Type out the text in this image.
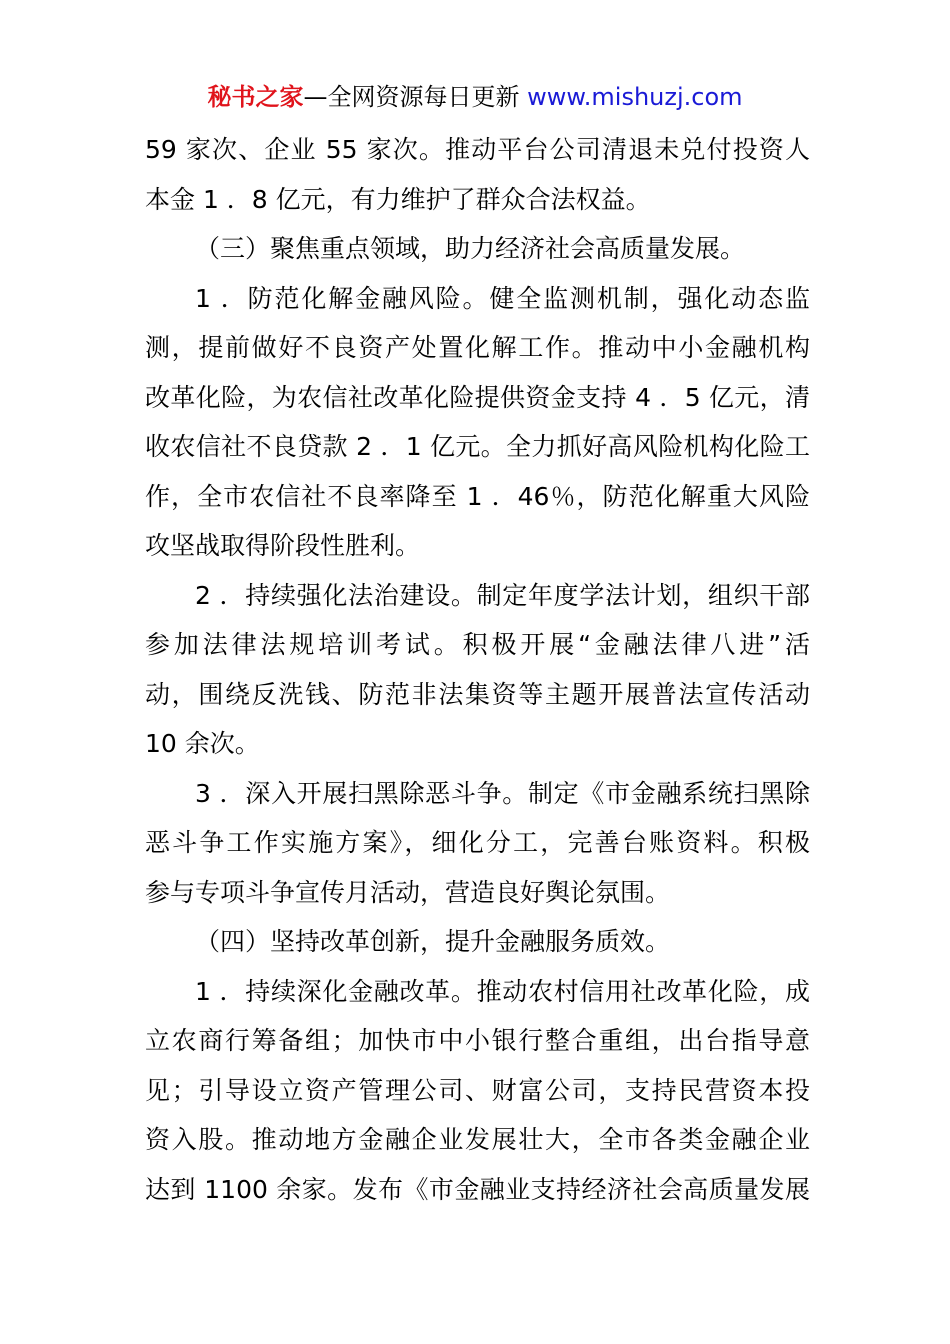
秘书之家—全网资源每日更新 www.mishuzj.com
59 家次、企业 55 家次。推动平台公司清退未兑付投资人
本金 1 ．8 亿元，有力维护了群众合法权益。
（三）聚焦重点领域，助力经济社会高质量发展。
1 ．防范化解金融风险。健全监测机制，强化动态监
测，提前做好不良资产处置化解工作。推动中小金融机构
改革化险，为农信社改革化险提供资金支持 4 ．5 亿元，清
收农信社不良贷款 2 ．1 亿元。全力抓好高风险机构化险工
作，全市农信社不良率降至 1 ．46％，防范化解重大风险
攻坚战取得阶段性胜利。
2 ．持续强化法治建设。制定年度学法计划，组织干部
参加法律法规培训考试。积极开展“金融法律八进”活
动，围绕反洗钱、防范非法集资等主题开展普法宣传活动
10 余次。
3 ．深入开展扫黑除恶斗争。制定《市金融系统扫黑除
恶斗争工作实施方案》，细化分工，完善台账资料。积极
参与专项斗争宣传月活动，营造良好舆论氛围。
（四）坚持改革创新，提升金融服务质效。
1 ．持续深化金融改革。推动农村信用社改革化险，成
立农商行筹备组；加快市中小银行整合重组，出台指导意
见；引导设立资产管理公司、财富公司，支持民营资本投
资入股。推动地方金融企业发展壮大，全市各类金融企业
达到 1100 余家。发布《市金融业支持经济社会高质量发展
